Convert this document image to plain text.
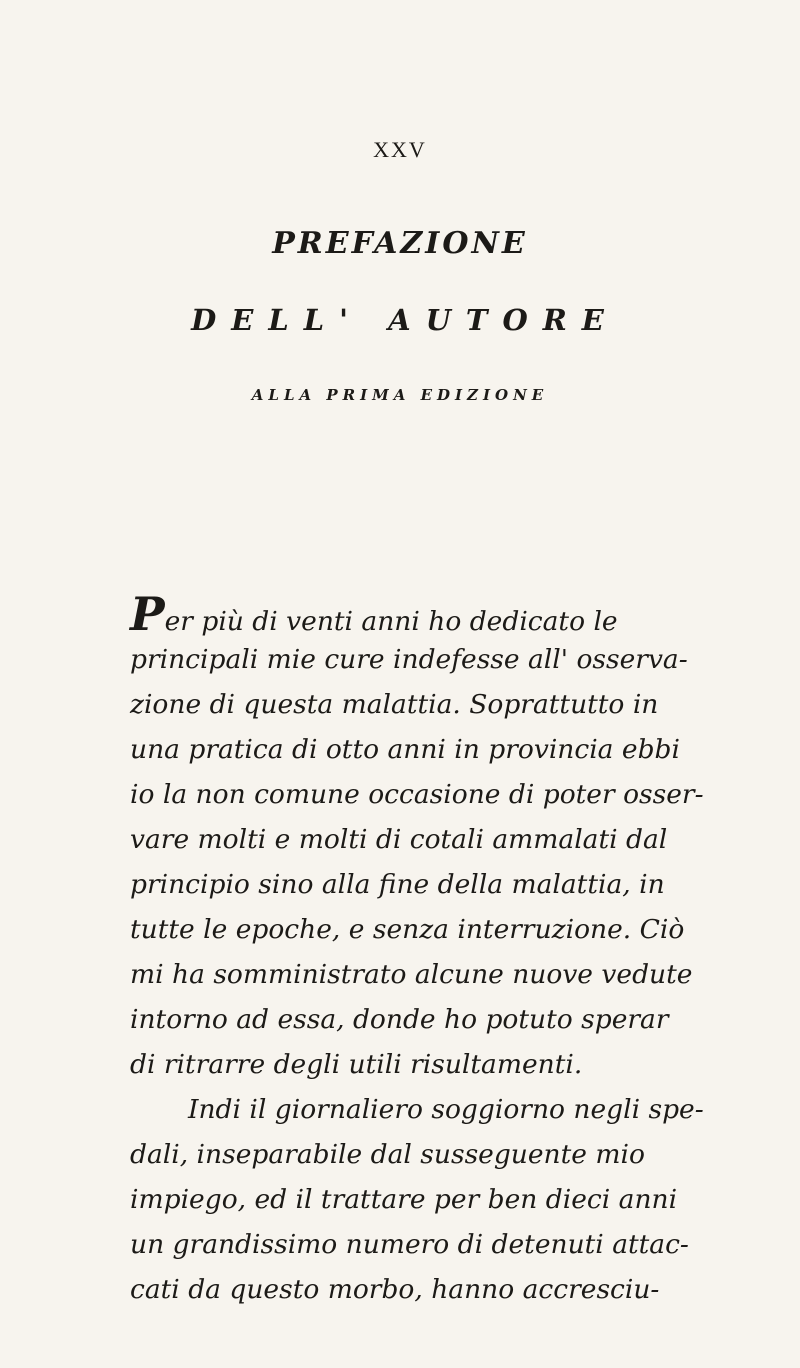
XXV
PREFAZIONE
DELL' AUTORE
ALLA PRIMA EDIZIONE
Per più di venti anni ho dedicato le
principali mie cure indefesse all' osserva-
zione di questa malattia. Soprattutto in
una pratica di otto anni in provincia ebbi
io la non comune occasione di poter osser-
vare molti e molti di cotali ammalati dal
principio sino alla fine della malattia, in
tutte le epoche, e senza interruzione. Ciò
mi ha somministrato alcune nuove vedute
intorno ad essa, donde ho potuto sperar
di ritrarre degli utili risultamenti.
Indi il giornaliero soggiorno negli spe-
dali, inseparabile dal susseguente mio
impiego, ed il trattare per ben dieci anni
un grandissimo numero di detenuti attac-
cati da questo morbo, hanno accresciu-
